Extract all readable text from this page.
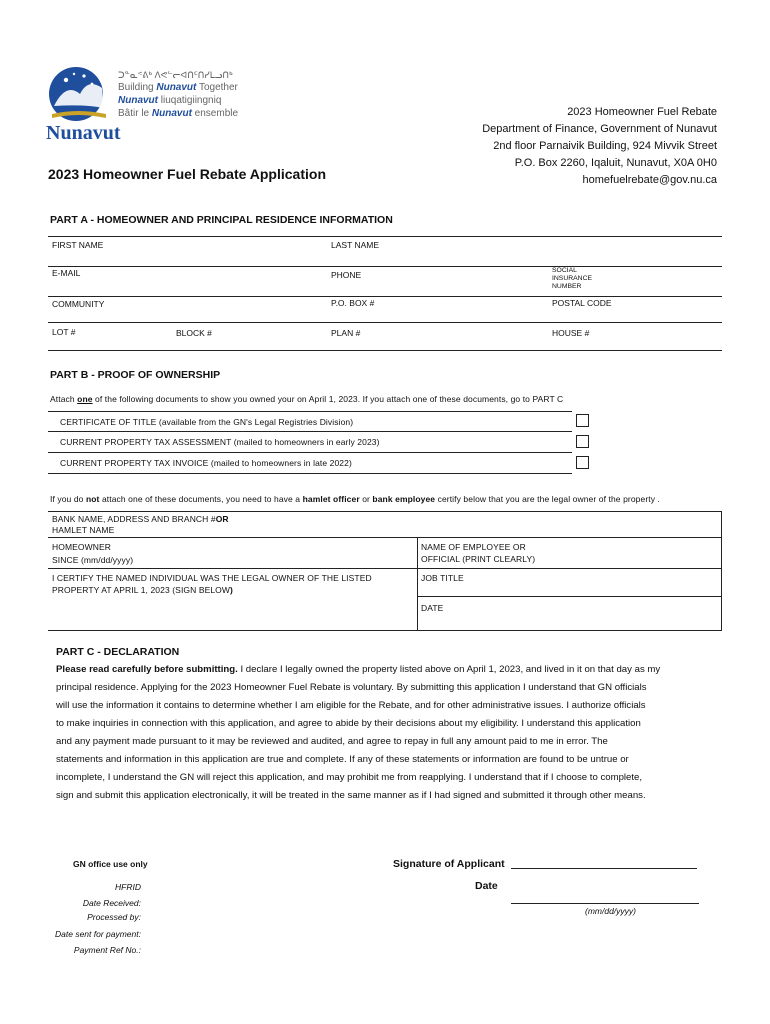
Nunavut
ᑐᓐᓇᕝᕕᒃ ᐱᕙᓪᓕᐊᑎᑦᑎᓯᒪᓗᑎᒃ
Building Nunavut Together
Nunavut liuqatigiingniq
Bâtir le Nunavut ensemble
2023 Homeowner Fuel Rebate Application
2023 Homeowner Fuel Rebate
Department of Finance, Government of Nunavut
2nd floor Parnaivik Building, 924 Mivvik Street
P.O. Box 2260, Iqaluit, Nunavut, X0A 0H0
homefuelrebate@gov.nu.ca
PART A - HOMEOWNER AND PRINCIPAL RESIDENCE INFORMATION
FIRST NAME	LAST NAME
E-MAIL	PHONE	SOCIAL
INSURANCE
NUMBER
COMMUNITY	P.O. BOX #	POSTAL CODE
LOT #	BLOCK #	PLAN #	HOUSE #
PART B - PROOF OF OWNERSHIP
Attach one of the following documents to show you owned your on April 1, 2023. If you attach one of these documents, go to PART C
CERTIFICATE OF TITLE (available from the GN's Legal Registries Division)
CURRENT PROPERTY TAX ASSESSMENT (mailed to homeowners in early 2023)
CURRENT PROPERTY TAX INVOICE (mailed to homeowners in late 2022)
If you do not attach one of these documents, you need to have a hamlet officer or bank employee certify below that you are the legal owner of the property .
BANK NAME, ADDRESS AND BRANCH #OR
HAMLET NAME
HOMEOWNER
SINCE (mm/dd/yyyy)
NAME OF EMPLOYEE OR
OFFICIAL (PRINT CLEARLY)
I CERTIFY THE NAMED INDIVIDUAL WAS THE LEGAL OWNER OF THE LISTED
PROPERTY AT APRIL 1, 2023 (SIGN BELOW)
JOB TITLE
DATE
PART C - DECLARATION
Please read carefully before submitting. I declare I legally owned the property listed above on April 1, 2023, and lived in it on that day as my
principal residence. Applying for the 2023 Homeowner Fuel Rebate is voluntary. By submitting this application I understand that GN officials
will use the information it contains to determine whether I am eligible for the Rebate, and for other administrative issues. I authorize officials
to make inquiries in connection with this application, and agree to abide by their decisions about my eligibility. I understand this application
and any payment made pursuant to it may be reviewed and audited, and agree to repay in full any amount paid to me in error. The
statements and information in this application are true and complete. If any of these statements or information are found to be untrue or
incomplete, I understand the GN will reject this application, and may prohibit me from reapplying. I understand that if I choose to complete,
sign and submit this application electronically, it will be treated in the same manner as if I had signed and submitted it through other means.
GN office use only
HFRID
Date Received:
Processed by:
Date sent for payment:
Payment Ref No.:
Signature of Applicant
Date
(mm/dd/yyyy)
